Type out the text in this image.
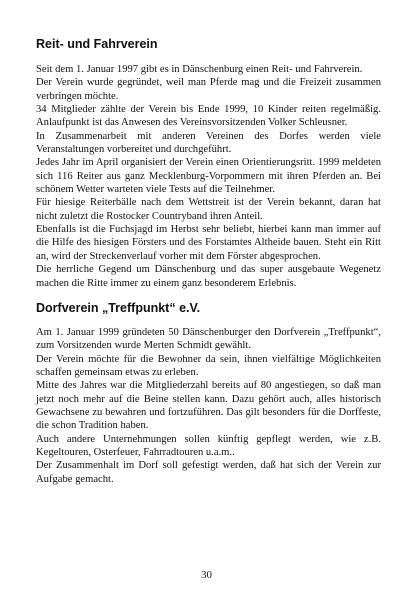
Reit- und Fahrverein

Seit dem 1. Januar 1997 gibt es in Dänschenburg einen Reit- und Fahrverein.

Der Verein wurde gegründet, weil man Pferde mag und die Freizeit zusammen verbringen möchte.

34 Mitglieder zählte der Verein bis Ende 1999, 10 Kinder reiten regelmäßig. Anlaufpunkt ist das Anwesen des Vereinsvorsitzenden Volker Schleusner.

In Zusammenarbeit mit anderen Vereinen des Dorfes werden viele Veranstaltungen vorbereitet und durchgeführt.

Jedes Jahr im April organisiert der Verein einen Orientierungsritt. 1999 meldeten sich 116 Reiter aus ganz Mecklenburg-Vorpommern mit ihren Pferden an. Bei schönem Wetter warteten viele Tests auf die Teilnehmer.

Für hiesige Reiterbälle nach dem Wettstreit ist der Verein bekannt, daran hat nicht zuletzt die Rostocker Countryband ihren Anteil.

Ebenfalls ist die Fuchsjagd im Herbst sehr beliebt, hierbei kann man immer auf die Hilfe des hiesigen Försters und des Forstamtes Altheide bauen. Steht ein Ritt an, wird der Streckenverlauf vorher mit dem Förster abgesprochen.

Die herrliche Gegend um Dänschenburg und das super ausgebaute Wegenetz machen die Ritte immer zu einem ganz besonderem Erlebnis.

Dorfverein „Treffpunkt“ e.V.

Am 1. Januar 1999 gründeten 50 Dänschenburger den Dorfverein „Treffpunkt“, zum Vorsitzenden wurde Merten Schmidt gewählt.

Der Verein möchte für die Bewohner da sein, ihnen vielfältige Möglichkeiten schaffen gemeinsam etwas zu erleben.

Mitte des Jahres war die Mitgliederzahl bereits auf 80 angestiegen, so daß man jetzt noch mehr auf die Beine stellen kann. Dazu gehört auch, alles historisch Gewachsene zu bewahren und fortzuführen. Das gilt besonders für die Dorffeste, die schon Tradition haben.

Auch andere Unternehmungen sollen künftig gepflegt werden, wie z.B. Kegeltouren, Osterfeuer, Fahrradtouren u.a.m..

Der Zusammenhalt im Dorf soll gefestigt werden, daß hat sich der Verein zur Aufgabe gemacht.

30
